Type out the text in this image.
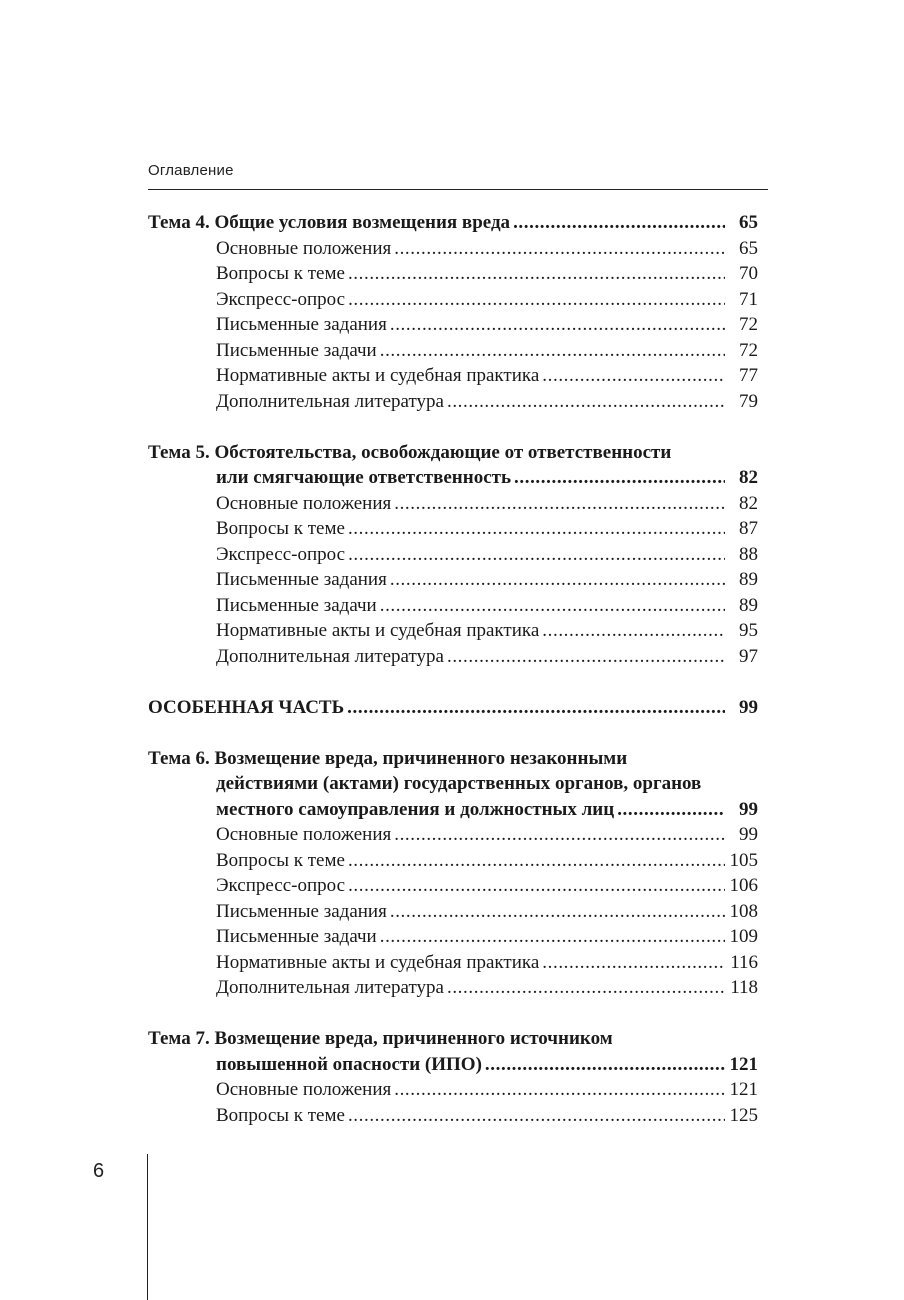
Оглавление
Тема 4. Общие условия возмещения вреда .....	65
Основные положения .....	65
Вопросы к теме .....	70
Экспресс-опрос .....	71
Письменные задания .....	72
Письменные задачи .....	72
Нормативные акты и судебная практика .....	77
Дополнительная литература .....	79
Тема 5. Обстоятельства, освобождающие от ответственности
или смягчающие ответственность .....	82
Основные положения .....	82
Вопросы к теме .....	87
Экспресс-опрос .....	88
Письменные задания .....	89
Письменные задачи .....	89
Нормативные акты и судебная практика .....	95
Дополнительная литература .....	97
ОСОБЕННАЯ ЧАСТЬ .....	99
Тема 6. Возмещение вреда, причиненного незаконными
действиями (актами) государственных органов, органов
местного самоуправления и должностных лиц .....	99
Основные положения .....	99
Вопросы к теме .....	105
Экспресс-опрос .....	106
Письменные задания .....	108
Письменные задачи .....	109
Нормативные акты и судебная практика .....	116
Дополнительная литература .....	118
Тема 7. Возмещение вреда, причиненного источником
повышенной опасности (ИПО) .....	121
Основные положения .....	121
Вопросы к теме .....	125
6
